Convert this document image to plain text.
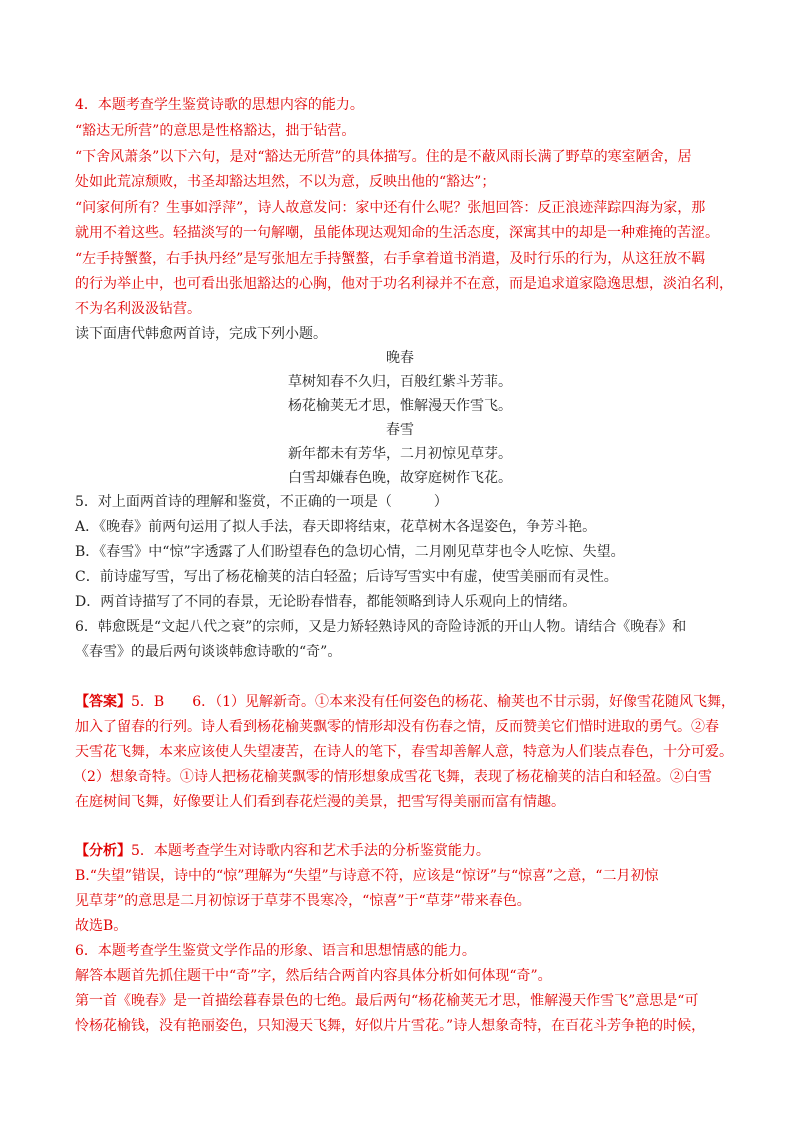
4．本题考查学生鉴赏诗歌的思想内容的能力。
“豁达无所营”的意思是性格豁达，拙于钻营。
“下舍风萧条”以下六句，是对“豁达无所营”的具体描写。住的是不蔽风雨长满了野草的寒室陋舍，居
处如此荒凉颓败，书圣却豁达坦然，不以为意，反映出他的“豁达”；
“问家何所有？生事如浮萍”，诗人故意发问：家中还有什么呢？张旭回答：反正浪迹萍踪四海为家，那
就用不着这些。轻描淡写的一句解嘲，虽能体现达观知命的生活态度，深寓其中的却是一种难掩的苦涩。
“左手持蟹螯，右手执丹经”是写张旭左手持蟹螯，右手拿着道书消遣，及时行乐的行为，从这狂放不羁
的行为举止中，也可看出张旭豁达的心胸，他对于功名利禄并不在意，而是追求道家隐逸思想，淡泊名利，
不为名利汲汲钻营。
读下面唐代韩愈两首诗，完成下列小题。
晚春
草树知春不久归，百般红紫斗芳菲。
杨花榆荚无才思，惟解漫天作雪飞。
春雪
新年都未有芳华，二月初惊见草芽。
白雪却嫌春色晚，故穿庭树作飞花。
5．对上面两首诗的理解和鉴赏，不正确的一项是（　　　）
A．《晚春》前两句运用了拟人手法，春天即将结束，花草树木各逞姿色，争芳斗艳。
B．《春雪》中“惊”字透露了人们盼望春色的急切心情，二月刚见草芽也令人吃惊、失望。
C．前诗虚写雪，写出了杨花榆荚的洁白轻盈；后诗写雪实中有虚，使雪美丽而有灵性。
D．两首诗描写了不同的春景，无论盼春惜春，都能领略到诗人乐观向上的情绪。
6．韩愈既是“文起八代之衰”的宗师，又是力矫轻熟诗风的奇险诗派的开山人物。请结合《晚春》和
《春雪》的最后两句谈谈韩愈诗歌的“奇”。
【答案】5．B　　6．（1）见解新奇。①本来没有任何姿色的杨花、榆荚也不甘示弱，好像雪花随风飞舞，
加入了留春的行列。诗人看到杨花榆荚飘零的情形却没有伤春之情，反而赞美它们惜时进取的勇气。②春
天雪花飞舞，本来应该使人失望凄苦，在诗人的笔下，春雪却善解人意，特意为人们装点春色，十分可爱。
（2）想象奇特。①诗人把杨花榆荚飘零的情形想象成雪花飞舞，表现了杨花榆荚的洁白和轻盈。②白雪
在庭树间飞舞，好像要让人们看到春花烂漫的美景，把雪写得美丽而富有情趣。
【分析】5．本题考查学生对诗歌内容和艺术手法的分析鉴赏能力。
B.“失望”错误，诗中的“惊”理解为“失望”与诗意不符，应该是“惊讶”与“惊喜”之意，“二月初惊
见草芽”的意思是二月初惊讶于草芽不畏寒冷，“惊喜”于“草芽”带来春色。
故选B。
6．本题考查学生鉴赏文学作品的形象、语言和思想情感的能力。
解答本题首先抓住题干中“奇”字，然后结合两首内容具体分析如何体现“奇”。
第一首《晚春》是一首描绘暮春景色的七绝。最后两句“杨花榆荚无才思，惟解漫天作雪飞”意思是“可
怜杨花榆钱，没有艳丽姿色，只知漫天飞舞，好似片片雪花。”诗人想象奇特，在百花斗芳争艳的时候，
